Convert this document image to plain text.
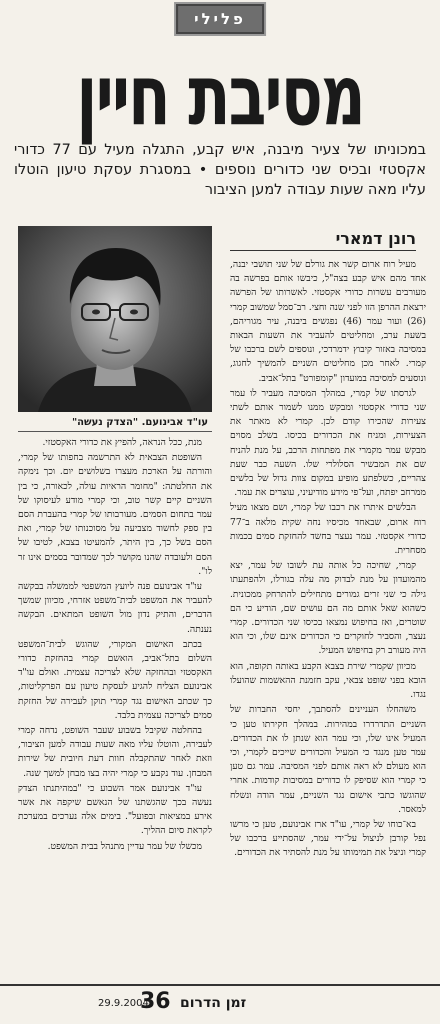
פלילי
מסיבת חיין
במכוניתו של צעיר מיבנה, איש קבע, התגלה מעיל עם 77 כדורי אקסטזי ובכיס שני כדורים נוספים • במסגרת עסקת טיעון הוטלו עליו מאה שעות עבודה למען הציבור
רונן דמארי
עו"ד אבינועם. "הצדק נעשה"

מעיל רוח ארום קשר את גורלם של שני תושבי יבנה, אחד מהם איש קבע בצה"ל, כיבשו אותם בפרשה בה מעורבים עשרות כדורי אקסטזי. לאשרותו של הפרשה ירצאת ההרפן הזו לפני שנה וחצי. רב־סמל שמשוב קמרי (26) ועור עמר (46) נפגשים ביבנה, עיר מגוריהם, בשעת ערב, ומחליטים להעביר את השעות הבאות במסיבה באזור קיבוץ ידמרדכי, ונוספים לשם ברכבו של קמרי. לאחר מכן מחליטים השניים להמשיך לחגוג, ונוסעים למסיבה במועדון "קומפורט" בתל־אביב.

לגרסתו של קמרי, במהלך המסיבה מעביר לו עמר שני כדורי אקסטזי ומבקש ממנו לשמור אותם לשתי צעירות שהכירו קודם לכן. קמרי לא מאתר את הצעירות, ומניח את הכדורים בכיסו. בשלב מסוים מבקש עמר מקמרי את מפתחות הרכב, על מנת להניח שם את המבשיר הסלולרי שלו. השעה כבר שעת צהריים, כשלפתע מופיע במקום צוות גדול של בלשים ממרחב יפתח, ועל־פי מידע מודיעיני, עוצרים את עמר.

הבלשים איתרו את רכבו של קמרי, ושם מצאו מעיל רוח ארום, שבאחד מכיסיו נחה שקית מלאה ב־77 כדורי אקסטזי. עמר נעצר בחשד להחזקת סמים בכמות מסחרית.

קמרי, שחיכה כל אותה עת לשובו של עמר, יצא מהמועדון על מנת לבדוק מה עלה בגורלו, ולהפתעתו גילה כי שני זרים גמורים מתחילים להתרחק ממכונית. כשהוא שאל אותם מה הם עושים שם, הודיע כי הם שוטרים, ואז בחיפוש נמצאו בכיסו שני הכדורים. קמרי נעצר, והסביר לחוקרים כי הכדורים אינם שלו, וכי הוא היה מעורב רק בחיפוש המעיל.

מכיוון שקמרי שירת בצבא הקבע באותה תקופה, הוא הובא בפני שופט צבאי, עקב חזמנת ההאשמות שהועלו נגדו.

משהחלו העניינים להסתבך, יחסי החברות של השניים התדרדרו במהירות. במהלך חקירתו טען כי המעיל אינו שלו, וכי עמר הוא שנתן לו את הכדורים. עמר טען מנגד כי המעיל והכדורים שייכים לקמרי, וכי הוא מעולם לא ראה אותם לפני המסיבה. עמר גם טען כי קמרי הוא שסיפק לו כדורים במסיבות קודמות. אחרי שהוגשו כתבי אישום נגד השניים, עמר הודה ונשלח למאסר.

בא־כוחו של קמרי, עו"ד ארז אבינועם, טען כי מרשו נפל קורבן לניצול על־ידי עמר, שהסתייע ברכבו של קמרי וניצל את תמימותו על מנת להסתיר את הכדורים.

מנת, ככל הנראה, להפיץ את כדורי האקסטזי.

השופטת הצבאית לא התרשמה בחפותו של קמרי, והורתה על הארכת מעצרו בשלושים יום. וכך נימקה את החלטתה: "מחומר הראיות עולה, לכאורה, כי בין השניים קיים קשר טוב, וכי קמרי מודע לעיסוקו של עמר בתחום הסמים. מעורבותו של קמרי בהעברת הסם בין ספק לחשוד מצביעה על מסוכנותו של קמרי, ואת הסם בשל כך, בין היתר, להמעיטו בצבא, לטיבו של הסם ולעובדה שהנו מקושר לכך שמדובר בסמים אינו זר לו".

עו"ד אבינועם פנה ליועץ המשפטי לממשלה בבקשה להעביר את המשפט לבית־משפט אזרחי, מכיוון שמשך הדברים, והתיק נדון מול השופט המתאים. הבקשה נענתה.

בכתב האישום המקורי, שהוגש לבית־המשפט השלום בתל־אביב, הואשם קמרי בהחזקת כדורי האקסטזי ובהחזקה שלא לצריכה עצמית. ואולם עו"ד אבינועם הצליח להגיע לעסקת טיעון עם הפרקליטות, כך שכתב האישום נגד קמרי תוקן לעבירה של החזקת סמים לצריכה עצמית בלבד.

בהחלטה שקיבל בשבוע שעבר השופט, נדחה קמרי לעבירה, והוטלו עליו מאה שעות עבודה למען הציבור, וזאת לאחר שהתקבלה חוות דעת חיובית של שירות המבחן. עוד נקבע כי קמרי יהיה בצו מבחן למשך שנה.

עו"ד אבינועם אמר השבוע כי "במהיתנתו הצדק נעשה בכך שהגשתנו של הנאשם שיקפה את אשר אירע במציאות ובפועל". בימים אלה נערכים במערכת לקראת סיום ההליך.

מכשלו של עמר עדיין מתנהל בבית המשפט.

29.9.2004
36 זמן הדרום
